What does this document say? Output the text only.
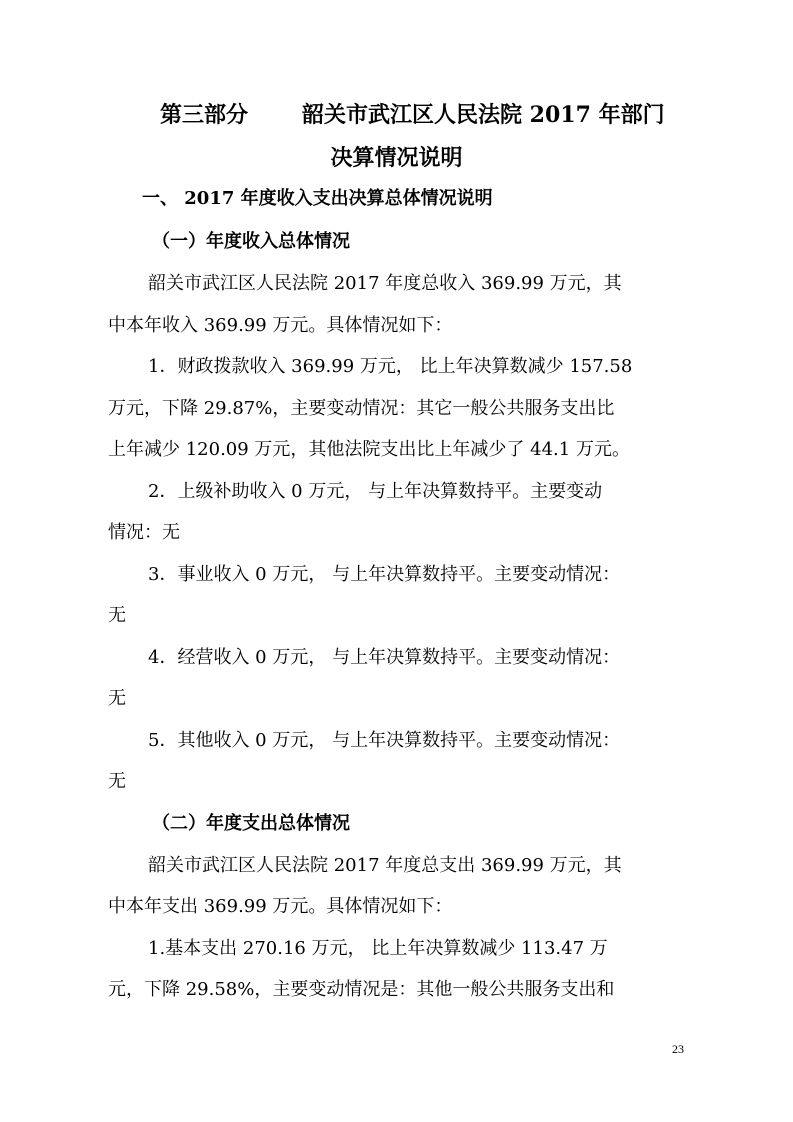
第三部分 韶关市武江区人民法院 2017 年部门
决算情况说明
一、 2017 年度收入支出决算总体情况说明
（一）年度收入总体情况
韶关市武江区人民法院 2017 年度总收入 369.99 万元，其
中本年收入 369.99 万元。具体情况如下：
1．财政拨款收入 369.99 万元， 比上年决算数减少 157.58
万元，下降 29.87%，主要变动情况：其它一般公共服务支出比
上年减少 120.09 万元，其他法院支出比上年减少了 44.1 万元。
2．上级补助收入 0 万元， 与上年决算数持平。主要变动
情况：无
3．事业收入 0 万元， 与上年决算数持平。主要变动情况：
无
4．经营收入 0 万元， 与上年决算数持平。主要变动情况：
无
5．其他收入 0 万元， 与上年决算数持平。主要变动情况：
无
（二）年度支出总体情况
韶关市武江区人民法院 2017 年度总支出 369.99 万元，其
中本年支出 369.99 万元。具体情况如下：
1.基本支出 270.16 万元， 比上年决算数减少 113.47 万
元，下降 29.58%，主要变动情况是：其他一般公共服务支出和
23
